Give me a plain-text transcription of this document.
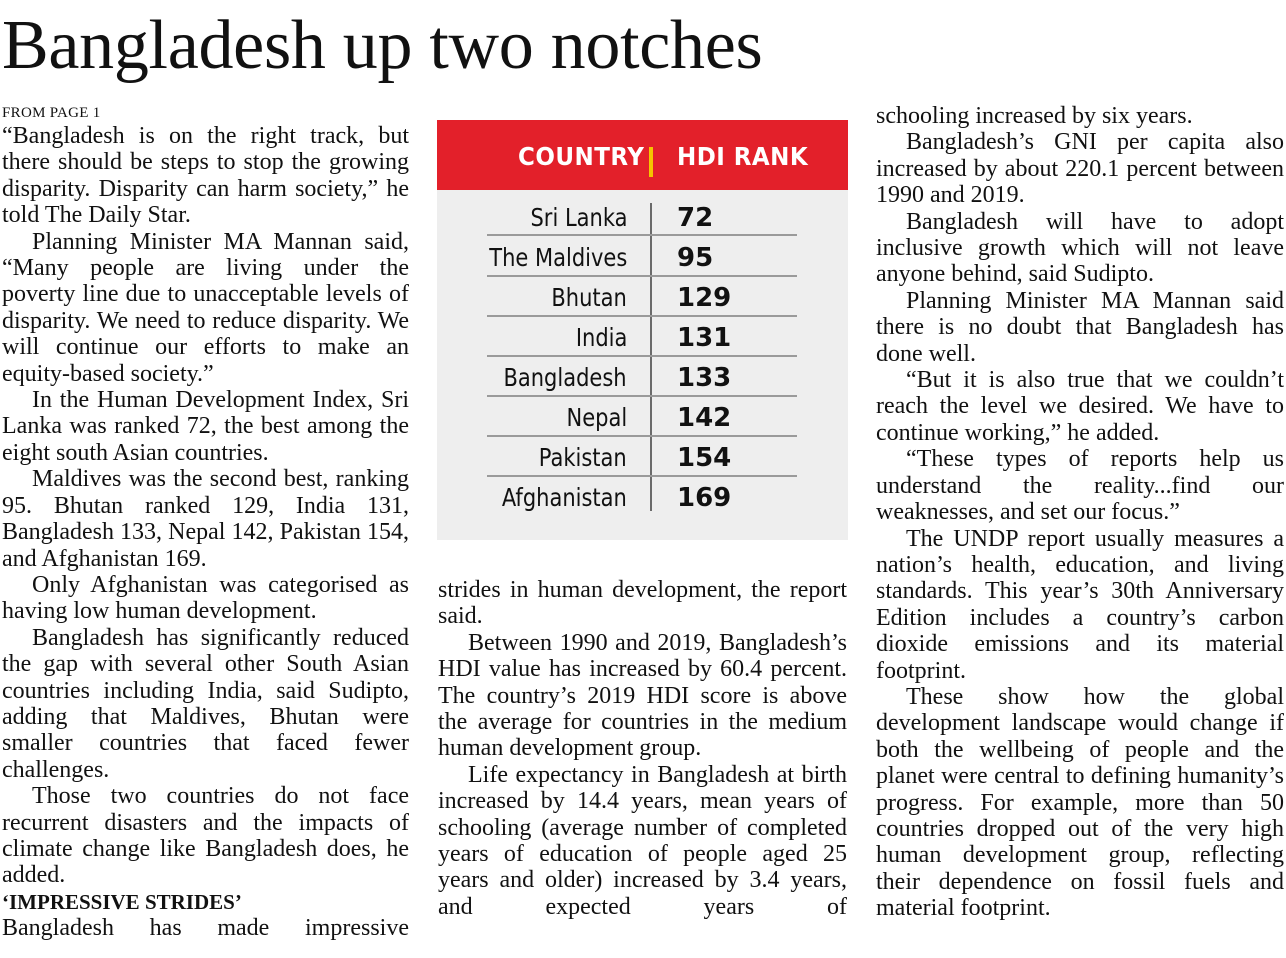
Bangladesh up two notches
FROM PAGE 1

“Bangladesh is on the right track, but there should be steps to stop the growing disparity. Disparity can harm society,” he told The Daily Star.

Planning Minister MA Mannan said, “Many people are living under the poverty line due to unacceptable levels of disparity. We need to reduce disparity. We will continue our efforts to make an equity-based society.”

In the Human Development Index, Sri Lanka was ranked 72, the best among the eight south Asian countries.

Maldives was the second best, ranking 95. Bhutan ranked 129, India 131, Bangladesh 133, Nepal 142, Pakistan 154, and Afghanistan 169.

Only Afghanistan was categorised as having low human development.

Bangladesh has significantly reduced the gap with several other South Asian countries including India, said Sudipto, adding that Maldives, Bhutan were smaller countries that faced fewer challenges.

Those two countries do not face recurrent disasters and the impacts of climate change like Bangladesh does, he added.

‘IMPRESSIVE STRIDES’

Bangladesh has made impressive

COUNTRY HDI RANK
Sri Lanka 72
The Maldives 95
Bhutan 129
India 131
Bangladesh 133
Nepal 142
Pakistan 154
Afghanistan 169

strides in human development, the report said.

Between 1990 and 2019, Bangladesh’s HDI value has increased by 60.4 percent. The country’s 2019 HDI score is above the average for countries in the medium human development group.

Life expectancy in Bangladesh at birth increased by 14.4 years, mean years of schooling (average number of completed years of education of people aged 25 years and older) increased by 3.4 years, and expected years of

schooling increased by six years.

Bangladesh’s GNI per capita also increased by about 220.1 percent between 1990 and 2019.

Bangladesh will have to adopt inclusive growth which will not leave anyone behind, said Sudipto.

Planning Minister MA Mannan said there is no doubt that Bangladesh has done well.

“But it is also true that we couldn’t reach the level we desired. We have to continue working,” he added.

“These types of reports help us understand the reality...find our weaknesses, and set our focus.”

The UNDP report usually measures a nation’s health, education, and living standards. This year’s 30th Anniversary Edition includes a country’s carbon dioxide emissions and its material footprint.

These show how the global development landscape would change if both the wellbeing of people and the planet were central to defining humanity’s progress. For example, more than 50 countries dropped out of the very high human development group, reflecting their dependence on fossil fuels and material footprint.
